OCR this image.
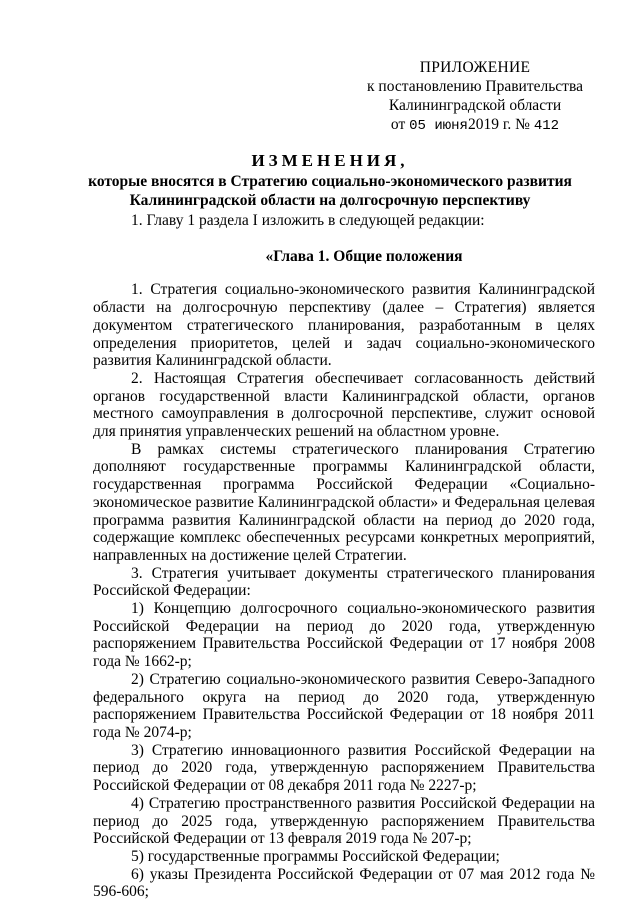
ПРИЛОЖЕНИЕ
к постановлению Правительства
Калининградской области
от 05 июня2019 г. № 412
ИЗМЕНЕНИЯ,
которые вносятся в Стратегию социально-экономического развития
Калининградской области на долгосрочную перспективу

1. Главу 1 раздела I изложить в следующей редакции:

«Глава 1. Общие положения

1. Стратегия социально-экономического развития Калининградской области на долгосрочную перспективу (далее – Стратегия) является документом стратегического планирования, разработанным в целях определения приоритетов, целей и задач социально-экономического развития Калининградской области.

2. Настоящая Стратегия обеспечивает согласованность действий органов государственной власти Калининградской области, органов местного самоуправления в долгосрочной перспективе, служит основой для принятия управленческих решений на областном уровне.

В рамках системы стратегического планирования Стратегию дополняют государственные программы Калининградской области, государственная программа Российской Федерации «Социально-экономическое развитие Калининградской области» и Федеральная целевая программа развития Калининградской области на период до 2020 года, содержащие комплекс обеспеченных ресурсами конкретных мероприятий, направленных на достижение целей Стратегии.

3. Стратегия учитывает документы стратегического планирования Российской Федерации:

1) Концепцию долгосрочного социально-экономического развития Российской Федерации на период до 2020 года, утвержденную распоряжением Правительства Российской Федерации от 17 ноября 2008 года № 1662-р;

2) Стратегию социально-экономического развития Северо-Западного федерального округа на период до 2020 года, утвержденную распоряжением Правительства Российской Федерации от 18 ноября 2011 года № 2074-р;

3) Стратегию инновационного развития Российской Федерации на период до 2020 года, утвержденную распоряжением Правительства Российской Федерации от 08 декабря 2011 года № 2227-р;

4) Стратегию пространственного развития Российской Федерации на период до 2025 года, утвержденную распоряжением Правительства Российской Федерации от 13 февраля 2019 года № 207-р;

5) государственные программы Российской Федерации;

6) указы Президента Российской Федерации от 07 мая 2012 года № 596-606;
